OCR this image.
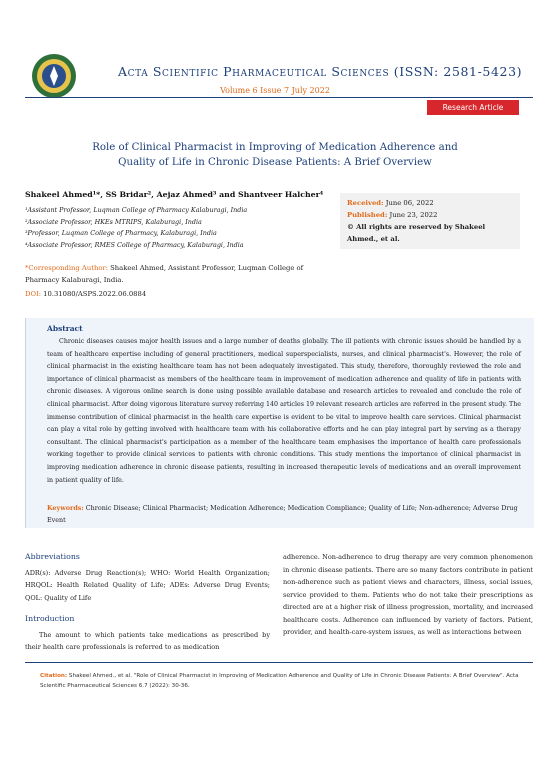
Acta Scientific Pharmaceutical Sciences (ISSN: 2581-5423)
Volume 6 Issue 7 July 2022
Research Article
Role of Clinical Pharmacist in Improving of Medication Adherence and
Quality of Life in Chronic Disease Patients: A Brief Overview
Shakeel Ahmed¹*, SS Bridar², Aejaz Ahmed³ and Shantveer Halcher⁴
¹Assistant Professor, Luqman College of Pharmacy Kalaburagi, India
²Associate Professor, HKEs MTRIPS, Kalaburagi, India
³Professor, Luqman College of Pharmacy, Kalaburagi, India
⁴Associate Professor, RMES College of Pharmacy, Kalaburagi, India
*Corresponding Author: Shakeel Ahmed, Assistant Professor, Luqman College of Pharmacy Kalaburagi, India.
DOI: 10.31080/ASPS.2022.06.0884
Received: June 06, 2022
Published: June 23, 2022
© All rights are reserved by Shakeel Ahmed., et al.
Abstract
Chronic diseases causes major health issues and a large number of deaths globally. The ill patients with chronic issues should be handled by a team of healthcare expertise including of general practitioners, medical superspecialists, nurses, and clinical pharmacist's. However, the role of clinical pharmacist in the existing healthcare team has not been adequately investigated. This study, therefore, thoroughly reviewed the role and importance of clinical pharmacist as members of the healthcare team in improvement of medication adherence and quality of life in patients with chronic diseases. A vigorous online search is done using possible available database and research articles to revealed and conclude the role of clinical pharmacist. After doing vigorous literature survey referring 140 articles 19 relevant research articles are referred in the present study. The immense contribution of clinical pharmacist in the health care expertise is evident to be vital to improve health care services. Clinical pharmacist can play a vital role by getting involved with healthcare team with his collaborative efforts and he can play integral part by serving as a therapy consultant. The clinical pharmacist's participation as a member of the healthcare team emphasises the importance of health care professionals working together to provide clinical services to patients with chronic conditions. This study mentions the importance of clinical pharmacist in improving medication adherence in chronic disease patients, resulting in increased therapeutic levels of medications and an overall improvement in patient quality of life.
Keywords: Chronic Disease; Clinical Pharmacist; Medication Adherence; Medication Compliance; Quality of Life; Non-adherence; Adverse Drug Event
Abbreviations
ADR(s): Adverse Drug Reaction(s); WHO: World Health Organization; HRQOL: Health Related Quality of Life; ADEs: Adverse Drug Events; QOL: Quality of Life
Introduction
The amount to which patients take medications as prescribed by their health care professionals is referred to as medication
adherence. Non-adherence to drug therapy are very common phenomenon in chronic disease patients. There are so many factors contribute in patient non-adherence such as patient views and characters, illness, social issues, service provided to them. Patients who do not take their prescriptions as directed are at a higher risk of illness progression, mortality, and increased healthcare costs. Adherence can influenced by variety of factors. Patient, provider, and health-care-system issues, as well as interactions between
Citation: Shakeel Ahmed., et al. "Role of Clinical Pharmacist in Improving of Medication Adherence and Quality of Life in Chronic Disease Patients: A Brief Overview". Acta Scientific Pharmaceutical Sciences 6.7 (2022): 30-36.
